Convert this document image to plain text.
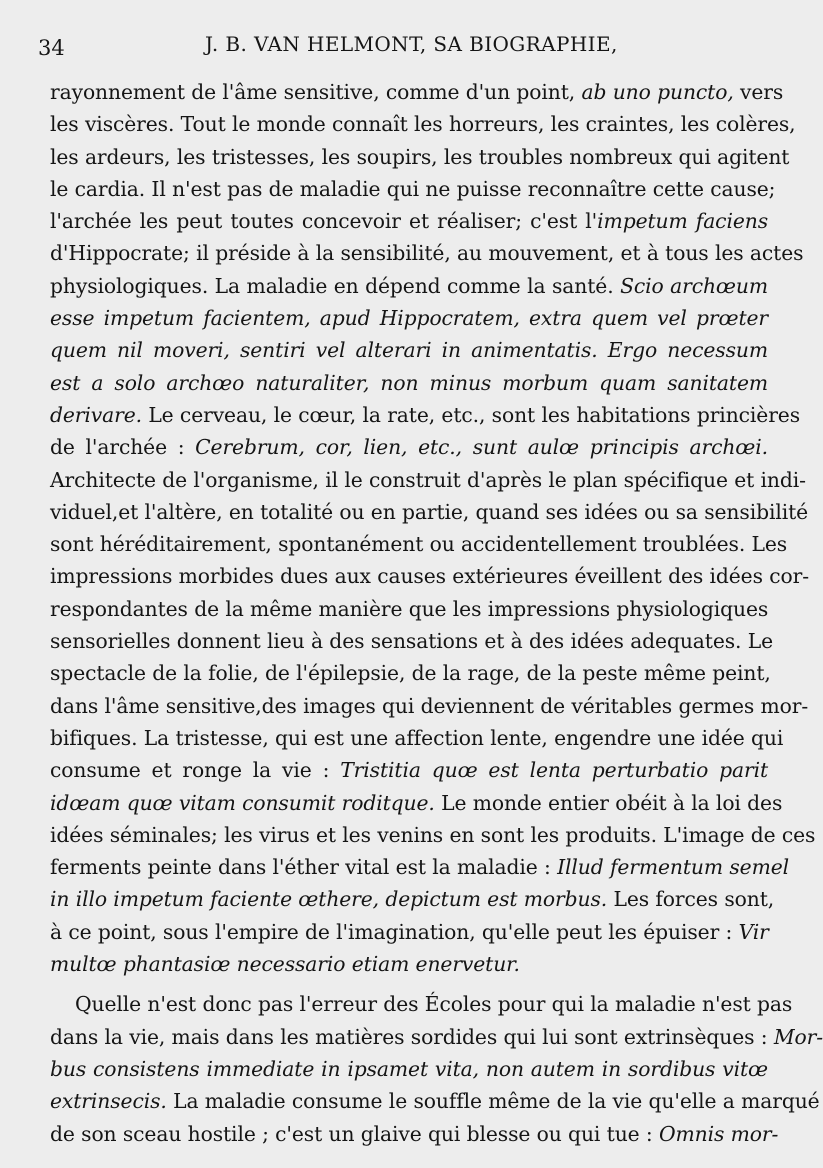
34	J. B. VAN HELMONT, SA BIOGRAPHIE,
rayonnement de l'âme sensitive, comme d'un point, ab uno puncto, vers
les viscères. Tout le monde connaît les horreurs, les craintes, les colères,
les ardeurs, les tristesses, les soupirs, les troubles nombreux qui agitent
le cardia. Il n'est pas de maladie qui ne puisse reconnaître cette cause;
l'archée les peut toutes concevoir et réaliser; c'est l'impetum faciens
d'Hippocrate; il préside à la sensibilité, au mouvement, et à tous les actes
physiologiques. La maladie en dépend comme la santé. Scio archœum
esse impetum facientem, apud Hippocratem, extra quem vel prœter
quem nil moveri, sentiri vel alterari in animentatis. Ergo necessum
est a solo archœo naturaliter, non minus morbum quam sanitatem
derivare. Le cerveau, le cœur, la rate, etc., sont les habitations princières
de l'archée : Cerebrum, cor, lien, etc., sunt aulœ principis archœi.
Architecte de l'organisme, il le construit d'après le plan spécifique et indi-
viduel,et l'altère, en totalité ou en partie, quand ses idées ou sa sensibilité
sont héréditairement, spontanément ou accidentellement troublées. Les
impressions morbides dues aux causes extérieures éveillent des idées cor-
respondantes de la même manière que les impressions physiologiques
sensorielles donnent lieu à des sensations et à des idées adequates. Le
spectacle de la folie, de l'épilepsie, de la rage, de la peste même peint,
dans l'âme sensitive,des images qui deviennent de véritables germes mor-
bifiques. La tristesse, qui est une affection lente, engendre une idée qui
consume et ronge la vie : Tristitia quœ est lenta perturbatio parit
idœam quœ vitam consumit roditque. Le monde entier obéit à la loi des
idées séminales; les virus et les venins en sont les produits. L'image de ces
ferments peinte dans l'éther vital est la maladie : Illud fermentum semel
in illo impetum faciente œthere, depictum est morbus. Les forces sont,
à ce point, sous l'empire de l'imagination, qu'elle peut les épuiser : Vir
multœ phantasiœ necessario etiam enervetur.
Quelle n'est donc pas l'erreur des Écoles pour qui la maladie n'est pas
dans la vie, mais dans les matières sordides qui lui sont extrinsèques : Mor-
bus consistens immediate in ipsamet vita, non autem in sordibus vitœ
extrinsecis. La maladie consume le souffle même de la vie qu'elle a marqué
de son sceau hostile ; c'est un glaive qui blesse ou qui tue : Omnis mor-
